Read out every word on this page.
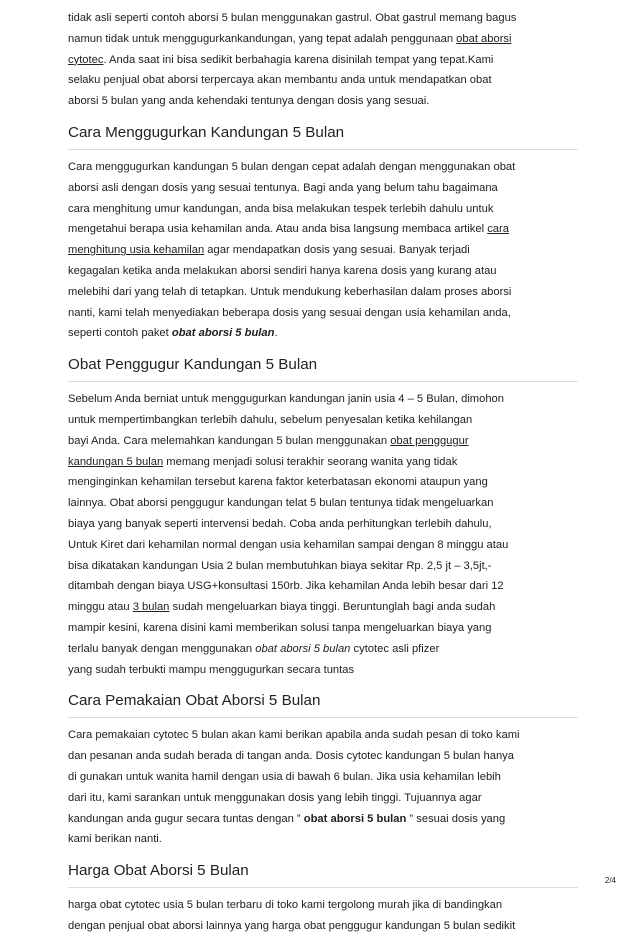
tidak asli seperti contoh aborsi 5 bulan menggunakan gastrul. Obat gastrul memang bagus
namun tidak untuk menggugurkankandungan, yang tepat adalah penggunaan obat aborsi
cytotec. Anda saat ini bisa sedikit berbahagia karena disinilah tempat yang tepat.Kami
selaku penjual obat aborsi terpercaya akan membantu anda untuk mendapatkan obat
aborsi 5 bulan yang anda kehendaki tentunya dengan dosis yang sesuai.

Cara Menggugurkan Kandungan 5 Bulan

Cara menggugurkan kandungan 5 bulan dengan cepat adalah dengan menggunakan obat
aborsi asli dengan dosis yang sesuai tentunya. Bagi anda yang belum tahu bagaimana
cara menghitung umur kandungan, anda bisa melakukan tespek terlebih dahulu untuk
mengetahui berapa usia kehamilan anda. Atau anda bisa langsung membaca artikel cara
menghitung usia kehamilan agar mendapatkan dosis yang sesuai. Banyak terjadi
kegagalan ketika anda melakukan aborsi sendiri hanya karena dosis yang kurang atau
melebihi dari yang telah di tetapkan. Untuk mendukung keberhasilan dalam proses aborsi
nanti, kami telah menyediakan beberapa dosis yang sesuai dengan usia kehamilan anda,
seperti contoh paket obat aborsi 5 bulan.

Obat Penggugur Kandungan 5 Bulan

Sebelum Anda berniat untuk menggugurkan kandungan janin usia 4 – 5 Bulan, dimohon
untuk mempertimbangkan terlebih dahulu, sebelum penyesalan ketika kehilangan
bayi Anda. Cara melemahkan kandungan 5 bulan menggunakan obat penggugur
kandungan 5 bulan memang menjadi solusi terakhir seorang wanita yang tidak
menginginkan kehamilan tersebut karena faktor keterbatasan ekonomi ataupun yang
lainnya. Obat aborsi penggugur kandungan telat 5 bulan tentunya tidak mengeluarkan
biaya yang banyak seperti intervensi bedah. Coba anda perhitungkan terlebih dahulu,
Untuk Kiret dari kehamilan normal dengan usia kehamilan sampai dengan 8 minggu atau
bisa dikatakan kandungan Usia 2 bulan membutuhkan biaya sekitar Rp. 2,5 jt – 3,5jt,-
ditambah dengan biaya USG+konsultasi 150rb. Jika kehamilan Anda lebih besar dari 12
minggu atau 3 bulan sudah mengeluarkan biaya tinggi. Beruntunglah bagi anda sudah
mampir kesini, karena disini kami memberikan solusi tanpa mengeluarkan biaya yang
terlalu banyak dengan menggunakan obat aborsi 5 bulan cytotec asli pfizer
yang sudah terbukti mampu menggugurkan secara tuntas

Cara Pemakaian Obat Aborsi 5 Bulan

Cara pemakaian cytotec 5 bulan akan kami berikan apabila anda sudah pesan di toko kami
dan pesanan anda sudah berada di tangan anda. Dosis cytotec kandungan 5 bulan hanya
di gunakan untuk wanita hamil dengan usia di bawah 6 bulan. Jika usia kehamilan lebih
dari itu, kami sarankan untuk menggunakan dosis yang lebih tinggi. Tujuannya agar
kandungan anda gugur secara tuntas dengan ” obat aborsi 5 bulan ” sesuai dosis yang
kami berikan nanti.

Harga Obat Aborsi 5 Bulan

harga obat cytotec usia 5 bulan terbaru di toko kami tergolong murah jika di bandingkan
dengan penjual obat aborsi lainnya yang harga obat penggugur kandungan 5 bulan sedikit

2/4
